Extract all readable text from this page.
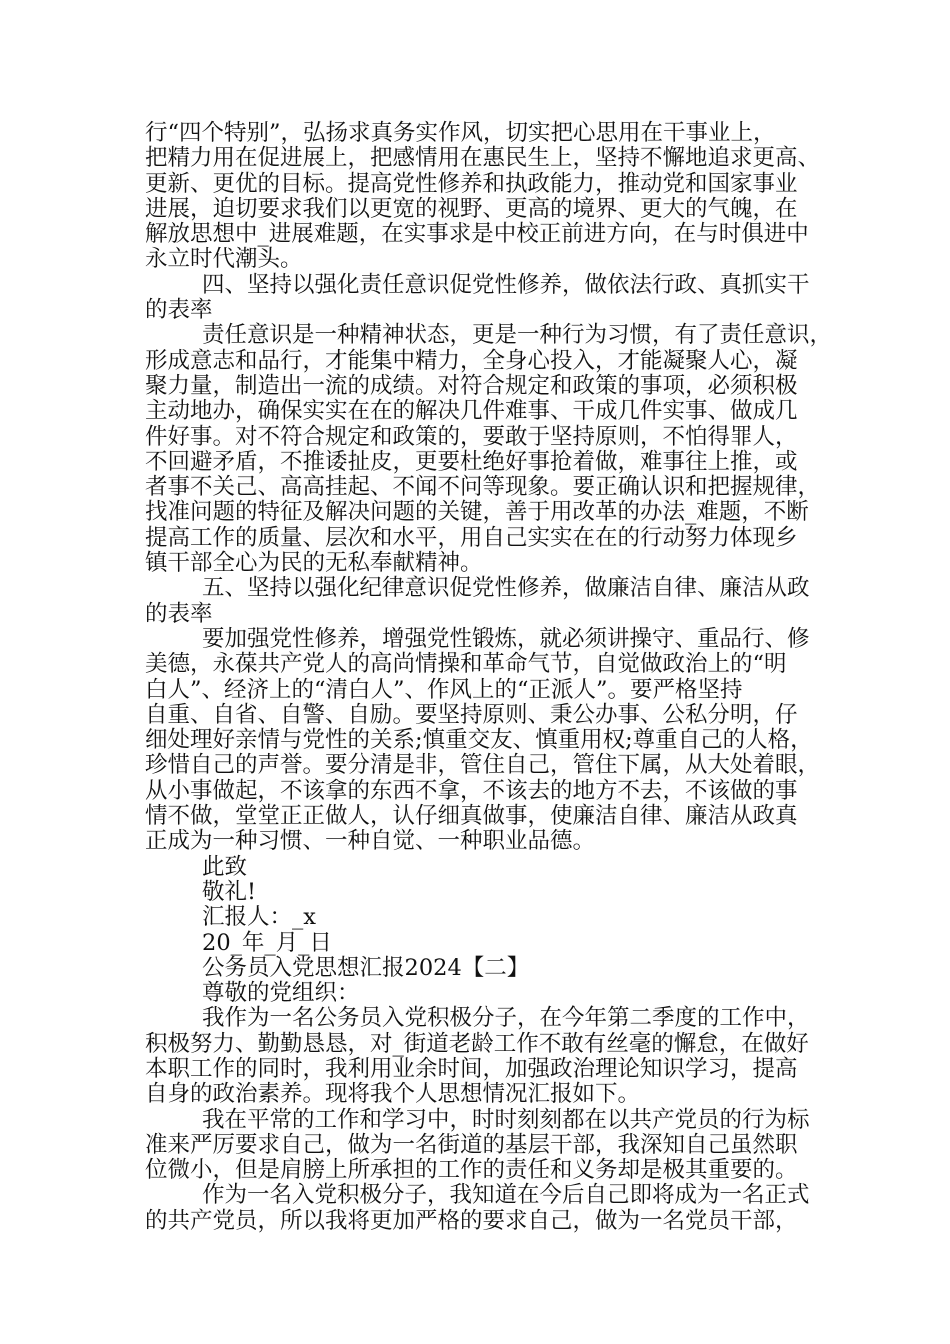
行“四个特别”，弘扬求真务实作风，切实把心思用在干事业上，
把精力用在促进展上，把感情用在惠民生上，坚持不懈地追求更高、
更新、更优的目标。提高党性修养和执政能力，推动党和国家事业
进展，迫切要求我们以更宽的视野、更高的境界、更大的气魄，在
解放思想中_进展难题，在实事求是中校正前进方向，在与时俱进中
永立时代潮头。
四、坚持以强化责任意识促党性修养，做依法行政、真抓实干
的表率
责任意识是一种精神状态，更是一种行为习惯，有了责任意识，
形成意志和品行，才能集中精力，全身心投入，才能凝聚人心，凝
聚力量，制造出一流的成绩。对符合规定和政策的事项，必须积极
主动地办，确保实实在在的解决几件难事、干成几件实事、做成几
件好事。对不符合规定和政策的，要敢于坚持原则，不怕得罪人，
不回避矛盾，不推诿扯皮，更要杜绝好事抢着做，难事往上推，或
者事不关己、高高挂起、不闻不问等现象。要正确认识和把握规律，
找准问题的特征及解决问题的关键，善于用改革的办法_难题，不断
提高工作的质量、层次和水平，用自己实实在在的行动努力体现乡
镇干部全心为民的无私奉献精神。
五、坚持以强化纪律意识促党性修养，做廉洁自律、廉洁从政
的表率
要加强党性修养，增强党性锻炼，就必须讲操守、重品行、修
美德，永葆共产党人的高尚情操和革命气节，自觉做政治上的“明
白人”、经济上的“清白人”、作风上的“正派人”。要严格坚持
自重、自省、自警、自励。要坚持原则、秉公办事、公私分明，仔
细处理好亲情与党性的关系;慎重交友、慎重用权;尊重自己的人格，
珍惜自己的声誉。要分清是非，管住自己，管住下属，从大处着眼，
从小事做起，不该拿的东西不拿，不该去的地方不去，不该做的事
情不做，堂堂正正做人，认仔细真做事，使廉洁自律、廉洁从政真
正成为一种习惯、一种自觉、一种职业品德。
此致
敬礼!
汇报人：_x
20_年_月_日
公务员入党思想汇报2024【二】
尊敬的党组织：
我作为一名公务员入党积极分子，在今年第二季度的工作中，
积极努力、勤勤恳恳，对_街道老龄工作不敢有丝毫的懈怠，在做好
本职工作的同时，我利用业余时间，加强政治理论知识学习，提高
自身的政治素养。现将我个人思想情况汇报如下。
我在平常的工作和学习中，时时刻刻都在以共产党员的行为标
准来严厉要求自己，做为一名街道的基层干部，我深知自己虽然职
位微小，但是肩膀上所承担的工作的责任和义务却是极其重要的。
作为一名入党积极分子，我知道在今后自己即将成为一名正式
的共产党员，所以我将更加严格的要求自己，做为一名党员干部，
